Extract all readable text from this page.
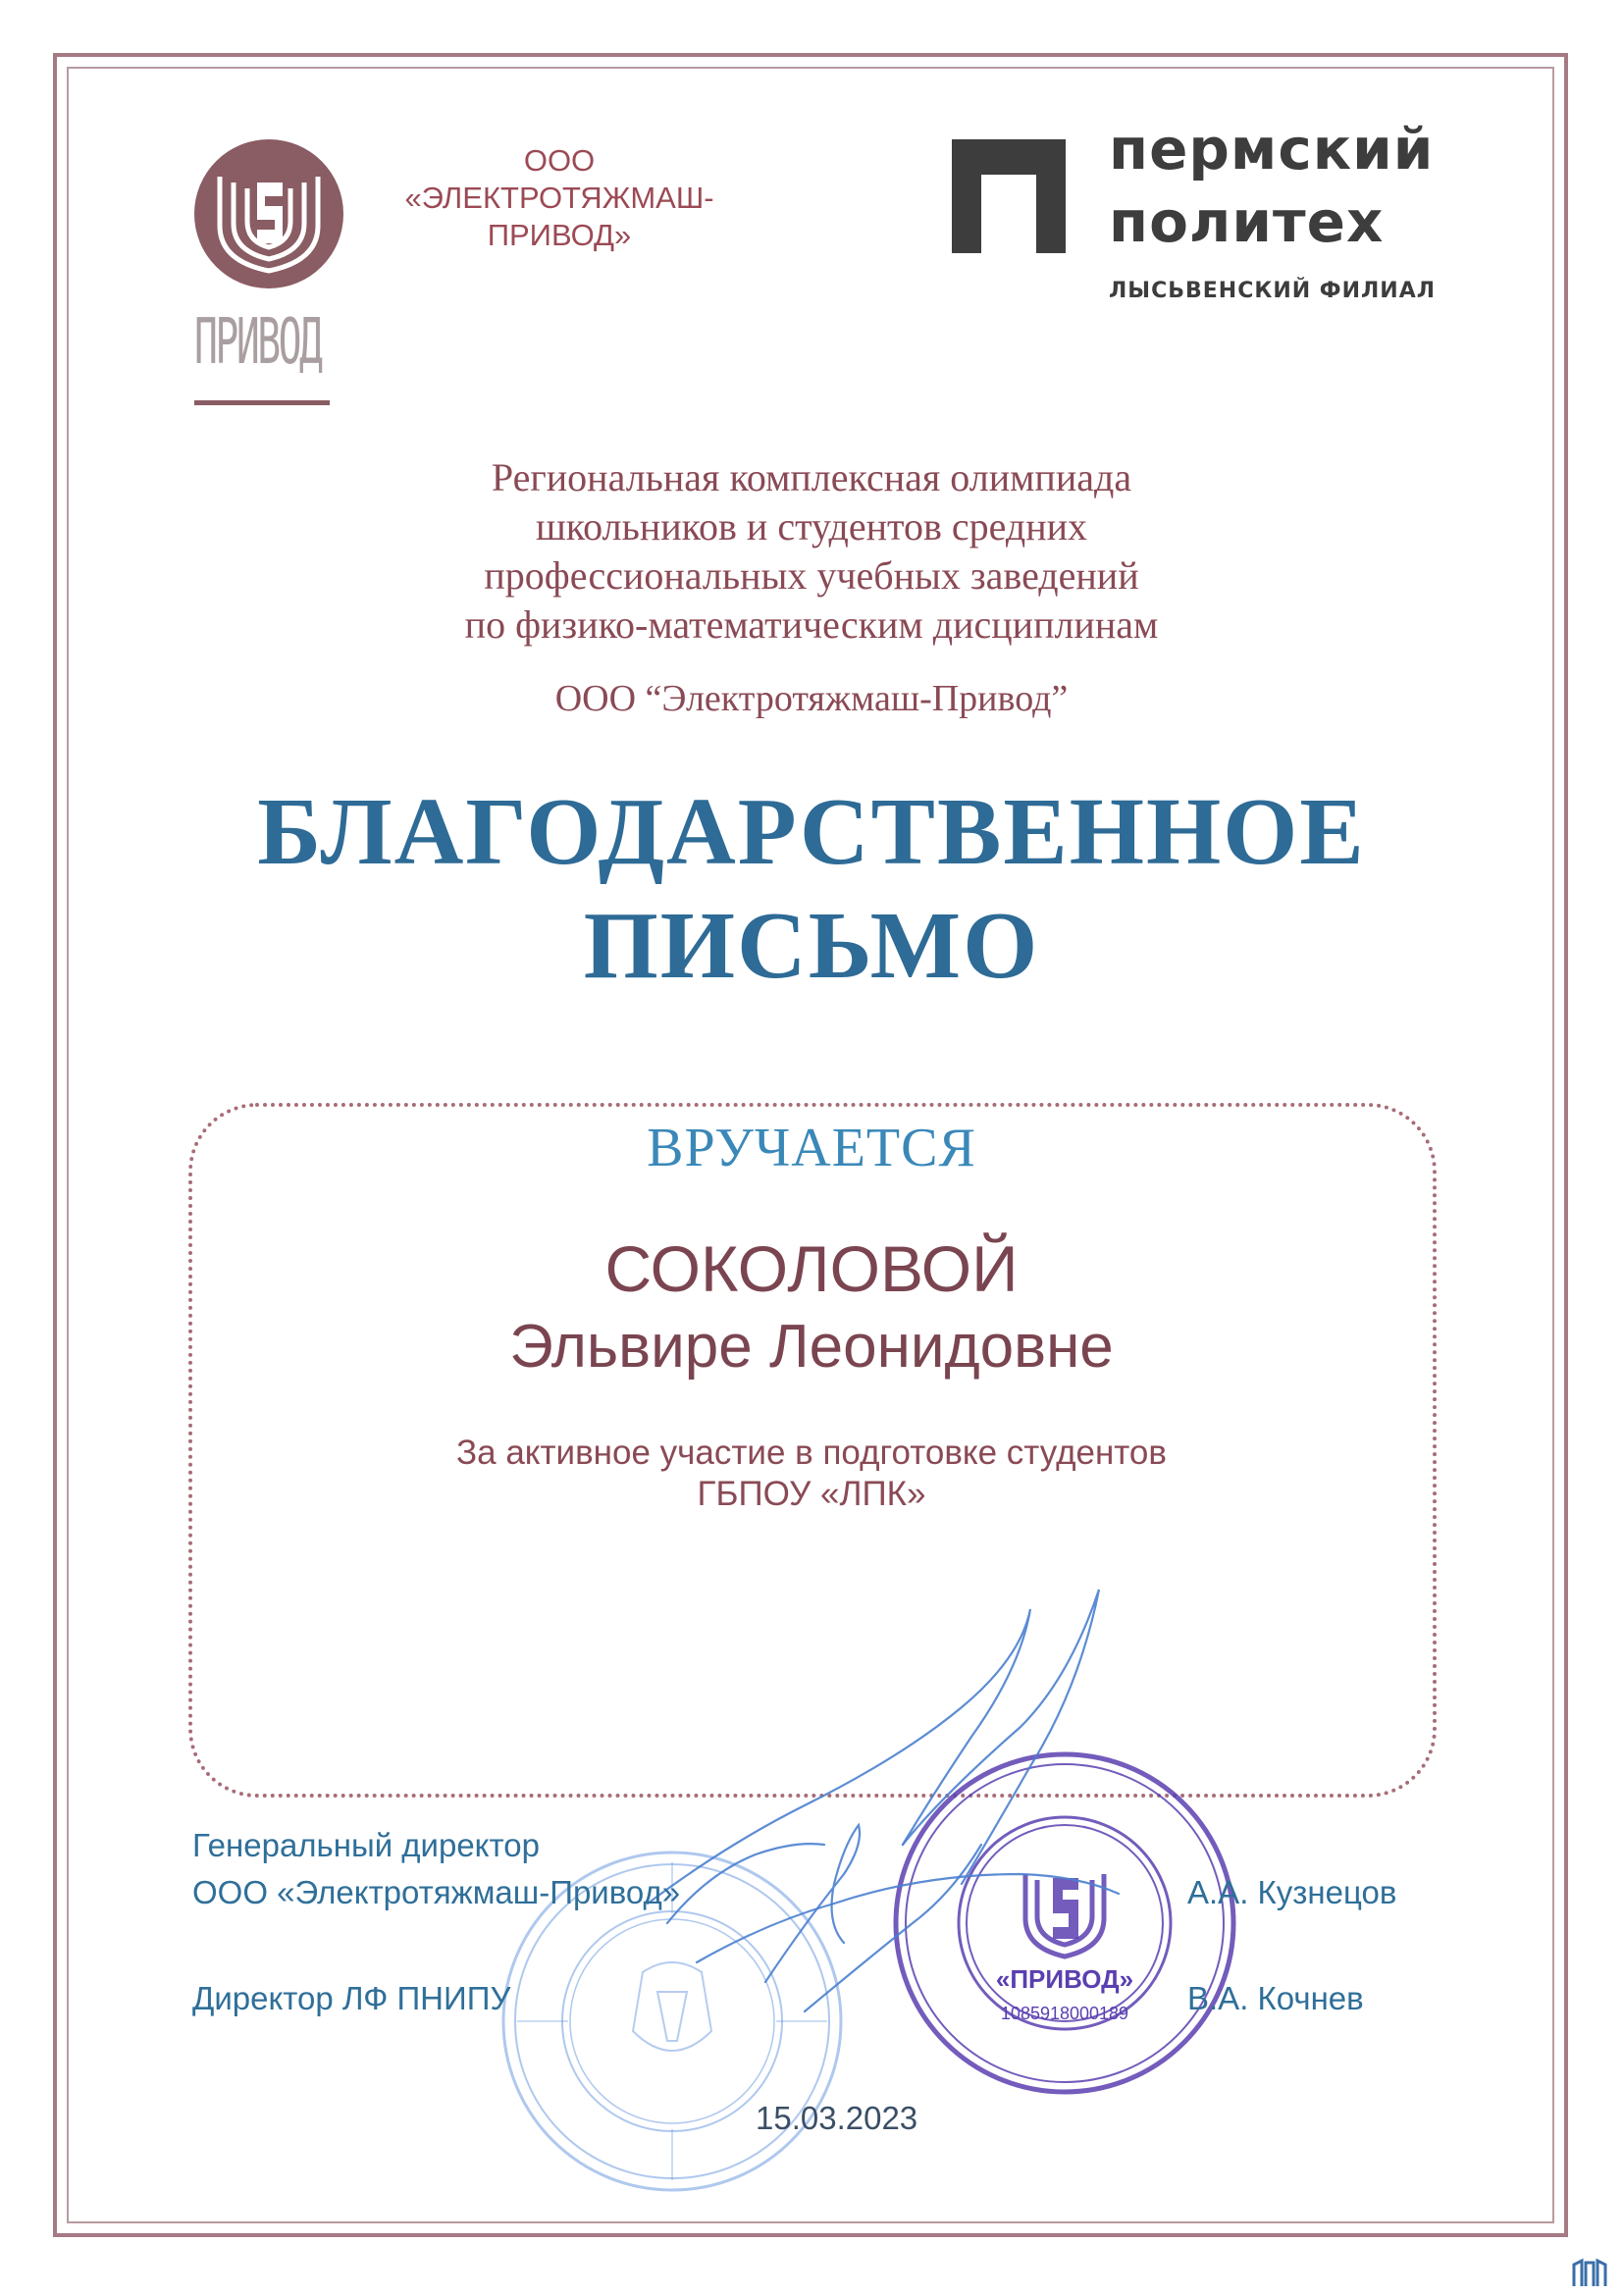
ПРИВОД
ООО
«ЭЛЕКТРОТЯЖМАШ-
ПРИВОД»
пермский
политех
ЛЫСЬВЕНСКИЙ ФИЛИАЛ
Региональная комплексная олимпиада
школьников и студентов средних
профессиональных учебных заведений
по физико-математическим дисциплинам
ООО “Электротяжмаш-Привод”
БЛАГОДАРСТВЕННОЕ
ПИСЬМО
ВРУЧАЕТСЯ
СОКОЛОВОЙ
Эльвире Леонидовне
За активное участие в подготовке студентов
ГБПОУ «ЛПК»
«ПРИВОД»
1085918000189
Генеральный директор
ООО «Электротяжмаш-Привод»	А.А. Кузнецов
Директор ЛФ ПНИПУ	В.А. Кочнев
15.03.2023
